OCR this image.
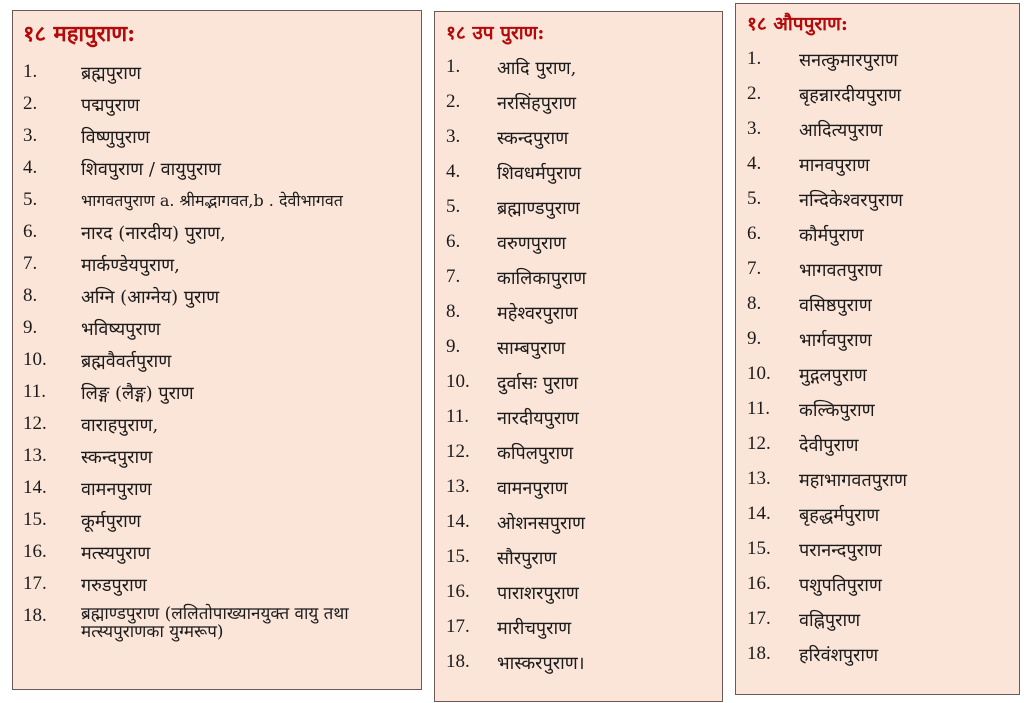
१८ महापुराण:
1. ब्रह्मपुराण
2. पद्मपुराण
3. विष्णुपुराण
4. शिवपुराण / वायुपुराण
5.	भागवतपुराण a. श्रीमद्भागवत,b . देवीभागवत
6. नारद (नारदीय) पुराण,
7. मार्कण्डेयपुराण,
8. अग्नि (आग्नेय) पुराण
9. भविष्यपुराण
10. ब्रह्मवैवर्तपुराण
11. लिङ्ग (लैङ्ग) पुराण
12. वाराहपुराण,
13. स्कन्दपुराण
14. वामनपुराण
15. कूर्मपुराण
16. मत्स्यपुराण
17. गरुडपुराण
18. ब्रह्माण्डपुराण (ललितोपाख्यानयुक्त वायु तथा मत्स्यपुराणका युग्मरूप)
१८ उप पुराण:
1. आदि पुराण,
2. नरसिंहपुराण
3. स्कन्दपुराण
4. शिवधर्मपुराण
5. ब्रह्माण्डपुराण
6. वरुणपुराण
7. कालिकापुराण
8. महेश्वरपुराण
9. साम्बपुराण
10. दुर्वासः पुराण
11. नारदीयपुराण
12. कपिलपुराण
13. वामनपुराण
14. ओशनसपुराण
15. सौरपुराण
16. पाराशरपुराण
17. मारीचपुराण
18. भास्करपुराण।
१८ औपपुराण:
1. सनत्कुमारपुराण
2. बृहन्नारदीयपुराण
3. आदित्यपुराण
4. मानवपुराण
5. नन्दिकेश्वरपुराण
6. कौर्मपुराण
7. भागवतपुराण
8. वसिष्ठपुराण
9. भार्गवपुराण
10. मुद्गलपुराण
11. कल्किपुराण
12. देवीपुराण
13. महाभागवतपुराण
14. बृहद्धर्मपुराण
15. परानन्दपुराण
16. पशुपतिपुराण
17. वह्निपुराण
18. हरिवंशपुराण
